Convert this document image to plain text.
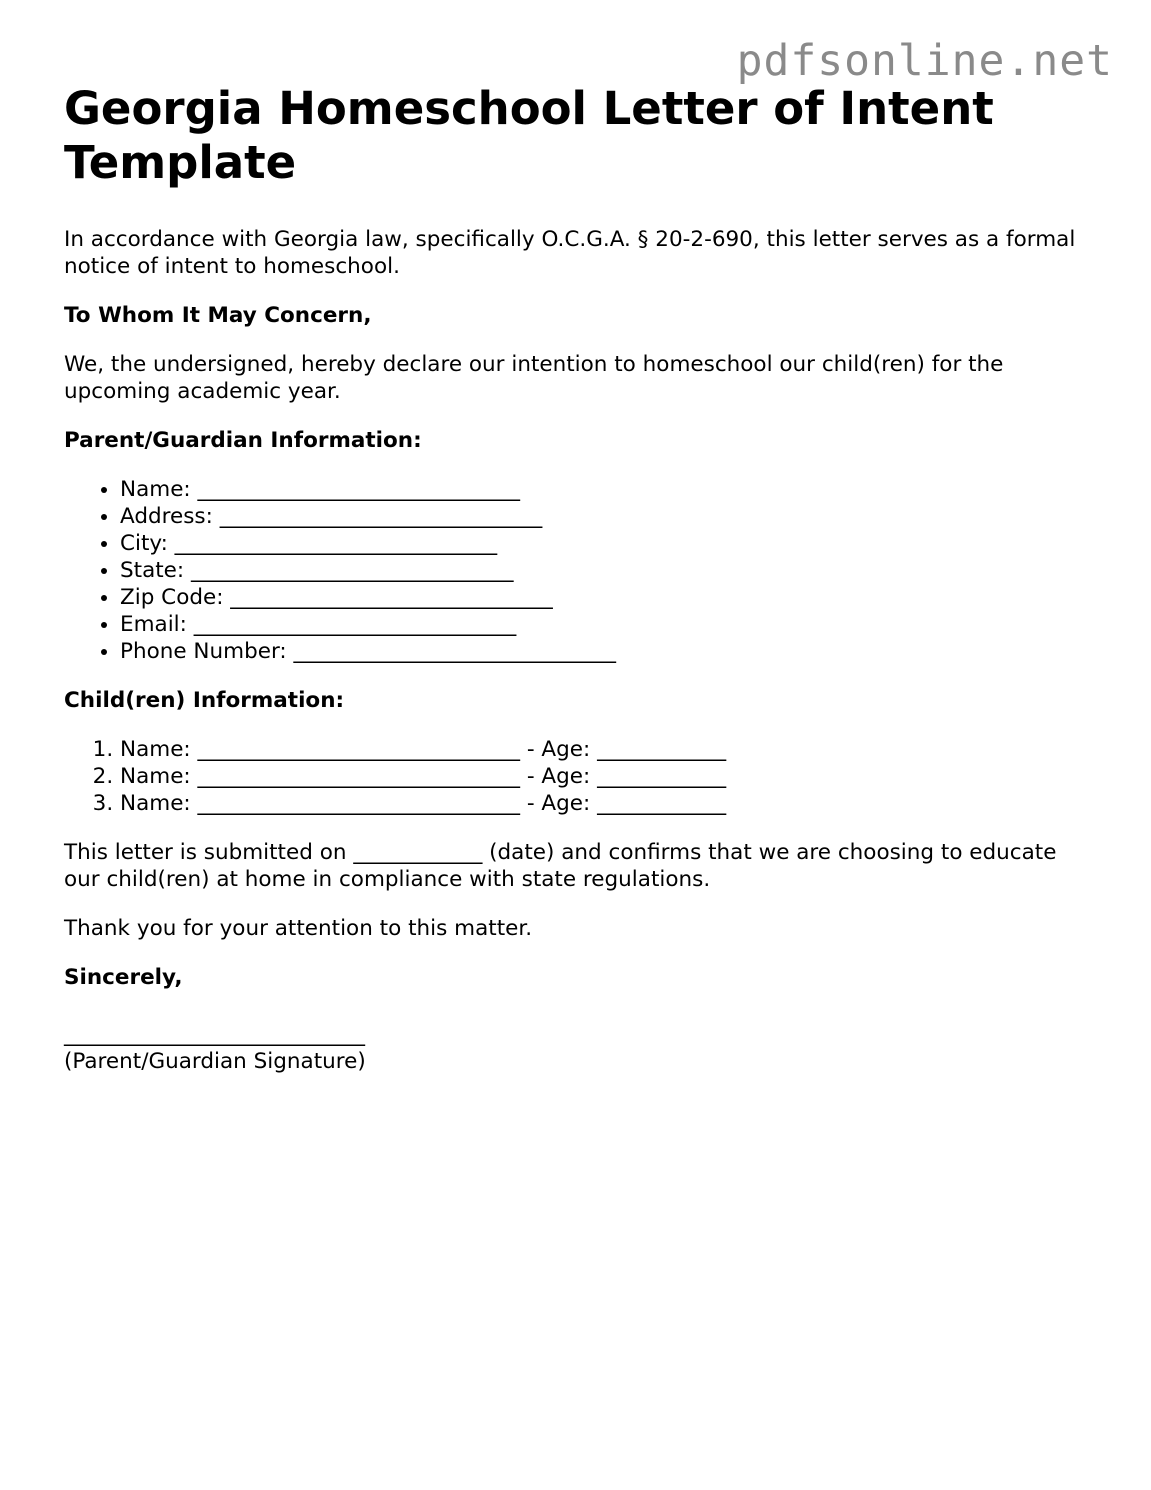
pdfsonline.net
Georgia Homeschool Letter of Intent Template

In accordance with Georgia law, specifically O.C.G.A. § 20-2-690, this letter serves as a formal notice of intent to homeschool.

To Whom It May Concern,

We, the undersigned, hereby declare our intention to homeschool our child(ren) for the upcoming academic year.

Parent/Guardian Information:

• Name: ______________________________
• Address: ______________________________
• City: ______________________________
• State: ______________________________
• Zip Code: ______________________________
• Email: ______________________________
• Phone Number: ______________________________

Child(ren) Information:

1. Name: ______________________________ - Age: ____________
2. Name: ______________________________ - Age: ____________
3. Name: ______________________________ - Age: ____________

This letter is submitted on ____________ (date) and confirms that we are choosing to educate our child(ren) at home in compliance with state regulations.

Thank you for your attention to this matter.

Sincerely,

____________________________
(Parent/Guardian Signature)
